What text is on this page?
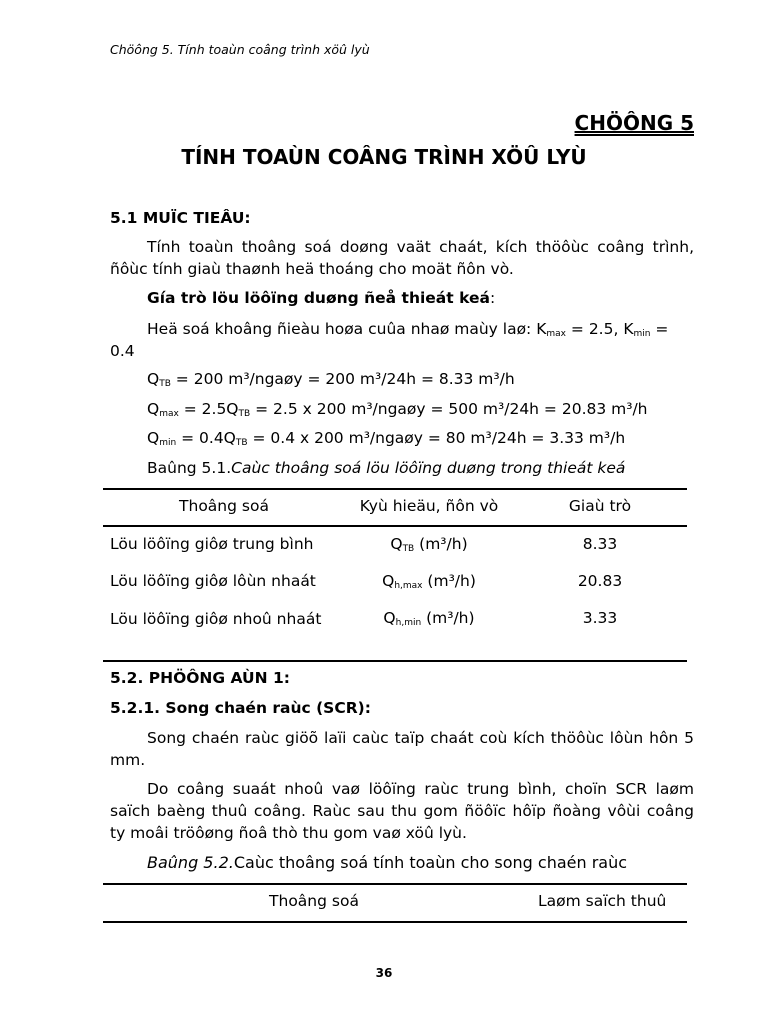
Chöông 5. Tính toaùn coâng trình xöû lyù
CHÖÔNG 5
TÍNH TOAÙN COÂNG TRÌNH XÖÛ LYÙ
5.1 MUÏC TIEÂU:
Tính toaùn thoâng soá doøng vaät chaát, kích thöôùc coâng trình, ñôùc tính giaù thaønh heä thoáng cho moät ñôn vò.
Gía trò löu löôïng duøng ñeå thieát keá:
Heä soá khoâng ñieàu hoøa cuûa nhaø maùy laø: $K_{max} = 2.5$, $K_{min} = 0.4$
$Q_{TB} = 200$ m³/ngaøy = 200 m³/24h = 8.33 m³/h
$Q_{max} = 2.5Q_{TB} = 2.5$ x 200 m³/ngaøy = 500 m³/24h = 20.83 m³/h
$Q_{min} = 0.4Q_{TB} = 0.4$ x 200 m³/ngaøy = 80 m³/24h = 3.33 m³/h
Baûng 5.1.Caùc thoâng soá löu löôïng duøng trong thieát keá
Thoâng soá	Kyù hieäu, ñôn vò	Giaù trò
Löu löôïng giôø trung bình	$Q_{TB}$ (m³/h)	8.33
Löu löôïng giôø lôùn nhaát	$Q_{h,max}$ (m³/h)	20.83
Löu löôïng giôø nhoû nhaát	$Q_{h,min}$ (m³/h)	3.33
5.2. PHÖÔNG AÙN 1:
5.2.1. Song chaén raùc (SCR):
Song chaén raùc giöõ laïi caùc taïp chaát coù kích thöôùc lôùn hôn 5 mm.
Do coâng suaát nhoû vaø löôïng raùc trung bình, choïn SCR laøm saïch baèng thuû coâng. Raùc sau thu gom ñöôïc hôïp ñoàng vôùi coâng ty moâi tröôøng ñoâ thò thu gom vaø xöû lyù.
Baûng 5.2.Caùc thoâng soá tính toaùn cho song chaén raùc
Thoâng soá	Laøm saïch thuû
36
